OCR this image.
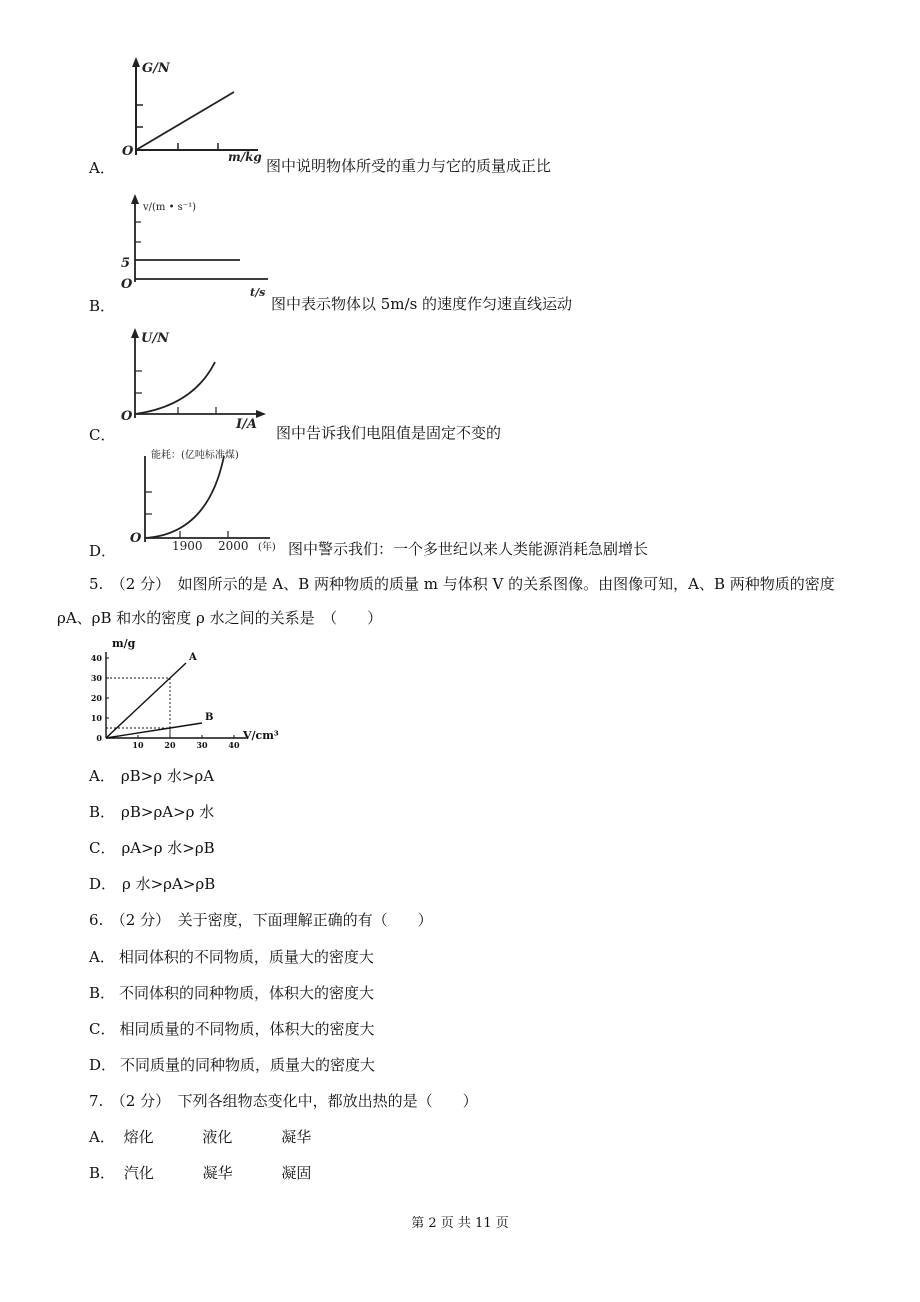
G/N
O	m/kg
A．	图中说明物体所受的重力与它的质量成正比
v/(m • s⁻¹)
5
O
t/s
B．	图中表示物体以 5m/s 的速度作匀速直线运动
U/N
O
I/A
C．	图中告诉我们电阻值是固定不变的
能耗：(亿吨标准煤)
O	1900 2000 (年)
D．	图中警示我们：一个多世纪以来人类能源消耗急剧增长
5.　（2 分）　如图所示的是 A、B 两种物质的质量 m 与体积 V 的关系图像。由图像可知，A、B 两种物质的密度
ρA、ρB 和水的密度 ρ 水之间的关系是　（　　）
m/g
V/cm³
0
10
20
30
40
10	20	30	40
A
B
A． ρB>ρ 水>ρA
B． ρB>ρA>ρ 水
C． ρA>ρ 水>ρB
D． ρ 水>ρA>ρB
6.　（2 分）　关于密度，下面理解正确的有（　　）
A． 相同体积的不同物质，质量大的密度大
B． 不同体积的同种物质，体积大的密度大
C． 相同质量的不同物质，体积大的密度大
D． 不同质量的同种物质，质量大的密度大
7.　（2 分）　下列各组物态变化中，都放出热的是（　　）
A． 熔化	液化	凝华
B． 汽化	凝华	凝固
第 2 页 共 11 页
